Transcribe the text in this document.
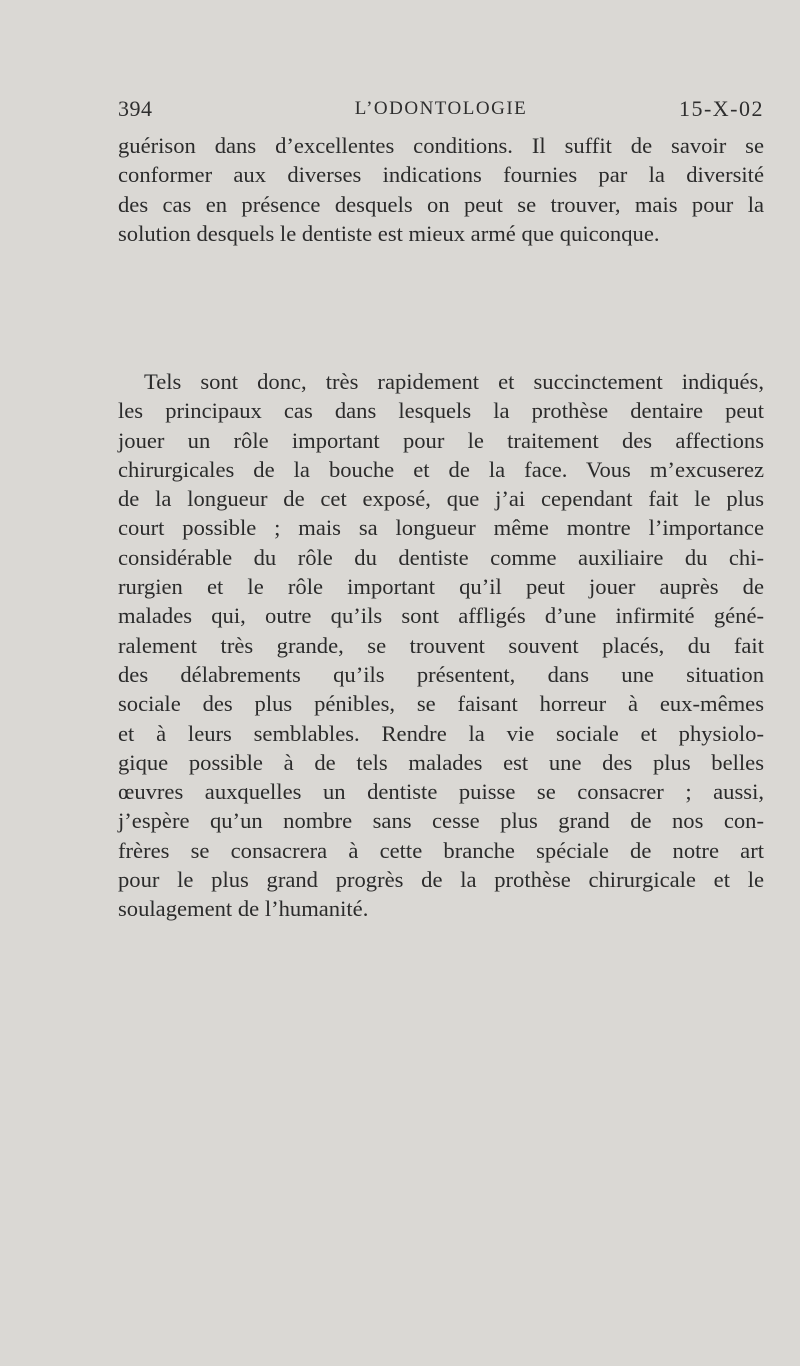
394	L’ODONTOLOGIE	15-X-02
guérison dans d’excellentes conditions. Il suffit de savoir se
conformer aux diverses indications fournies par la diversité
des cas en présence desquels on peut se trouver, mais pour la
solution desquels le dentiste est mieux armé que quiconque.
Tels sont donc, très rapidement et succinctement indiqués,
les principaux cas dans lesquels la prothèse dentaire peut
jouer un rôle important pour le traitement des affections
chirurgicales de la bouche et de la face. Vous m’excuserez
de la longueur de cet exposé, que j’ai cependant fait le plus
court possible ; mais sa longueur même montre l’importance
considérable du rôle du dentiste comme auxiliaire du chi-
rurgien et le rôle important qu’il peut jouer auprès de
malades qui, outre qu’ils sont affligés d’une infirmité géné-
ralement très grande, se trouvent souvent placés, du fait
des délabrements qu’ils présentent, dans une situation
sociale des plus pénibles, se faisant horreur à eux-mêmes
et à leurs semblables. Rendre la vie sociale et physiolo-
gique possible à de tels malades est une des plus belles
œuvres auxquelles un dentiste puisse se consacrer ; aussi,
j’espère qu’un nombre sans cesse plus grand de nos con-
frères se consacrera à cette branche spéciale de notre art
pour le plus grand progrès de la prothèse chirurgicale et le
soulagement de l’humanité.
